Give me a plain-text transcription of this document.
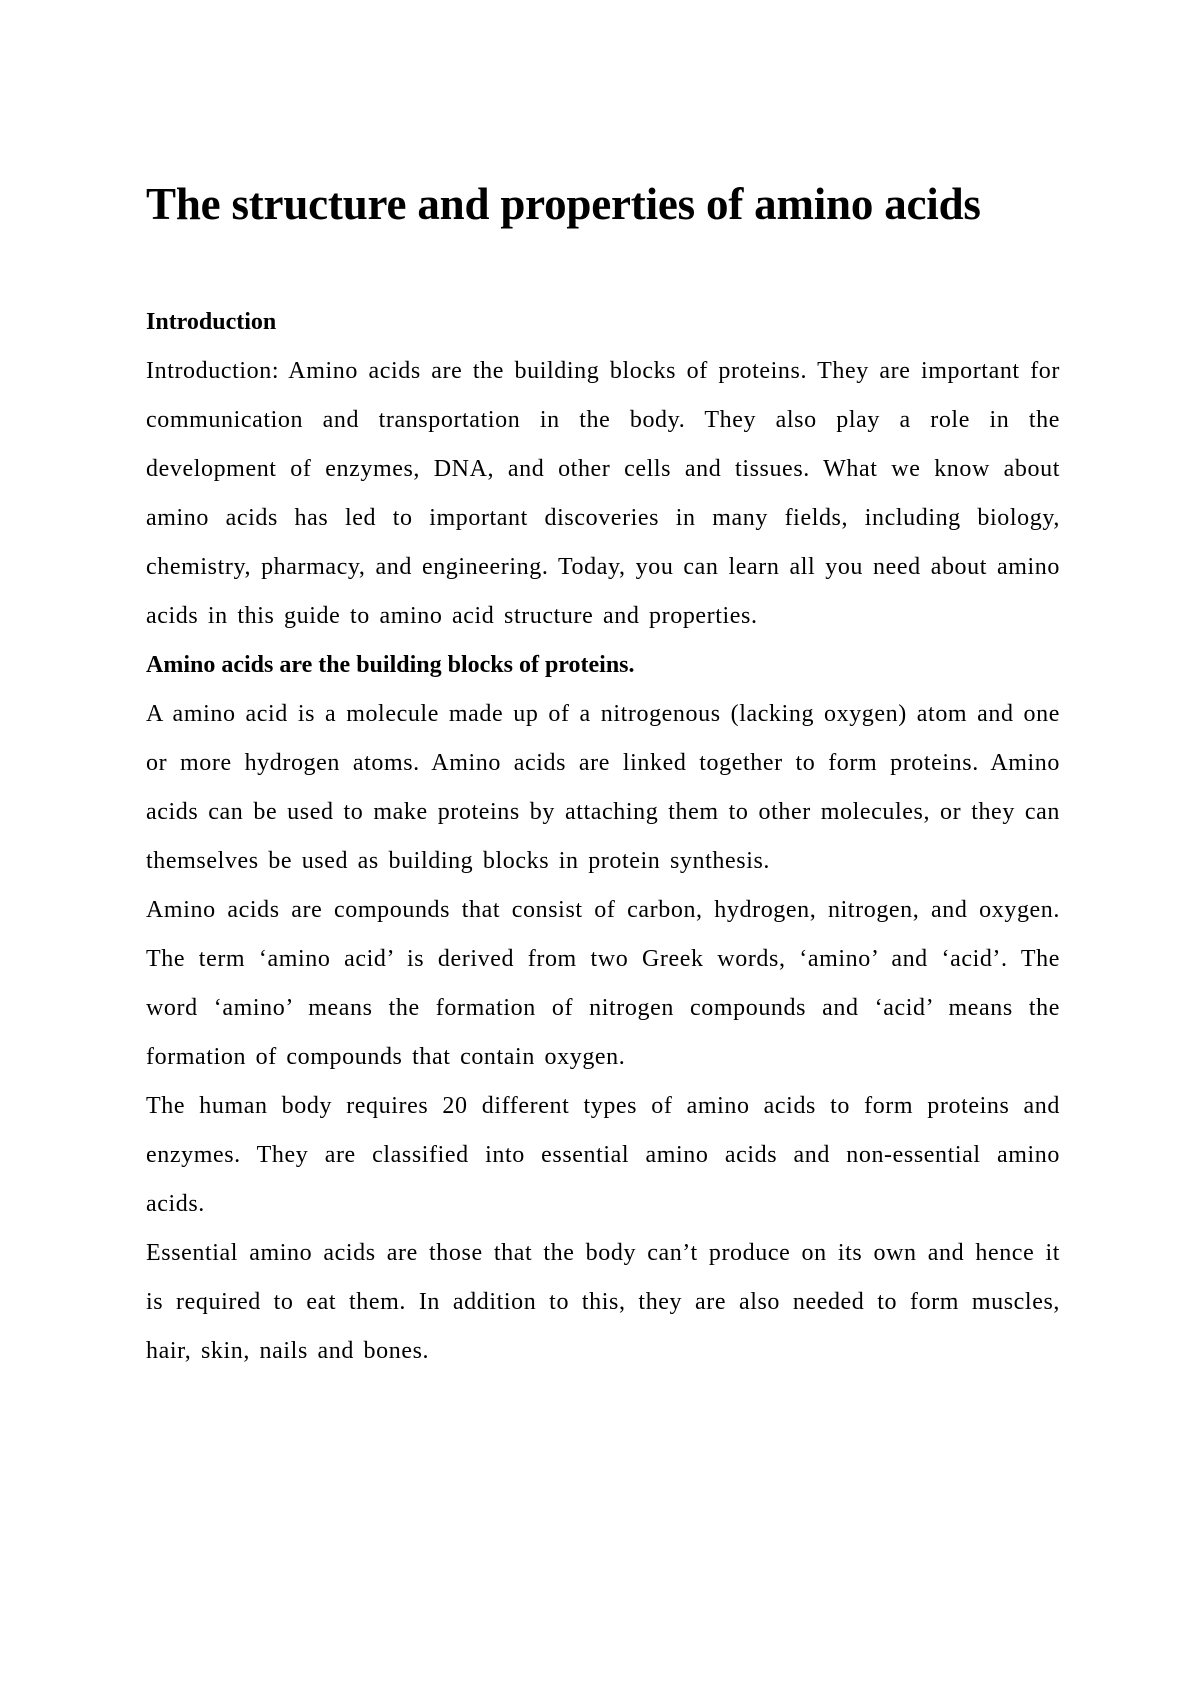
The structure and properties of amino acids

Introduction

Introduction: Amino acids are the building blocks of proteins. They are important for communication and transportation in the body. They also play a role in the development of enzymes, DNA, and other cells and tissues. What we know about amino acids has led to important discoveries in many fields, including biology, chemistry, pharmacy, and engineering. Today, you can learn all you need about amino acids in this guide to amino acid structure and properties.

Amino acids are the building blocks of proteins.

A amino acid is a molecule made up of a nitrogenous (lacking oxygen) atom and one or more hydrogen atoms. Amino acids are linked together to form proteins. Amino acids can be used to make proteins by attaching them to other molecules, or they can themselves be used as building blocks in protein synthesis.

Amino acids are compounds that consist of carbon, hydrogen, nitrogen, and oxygen. The term ‘amino acid’ is derived from two Greek words, ‘amino’ and ‘acid’. The word ‘amino’ means the formation of nitrogen compounds and ‘acid’ means the formation of compounds that contain oxygen.

The human body requires 20 different types of amino acids to form proteins and enzymes. They are classified into essential amino acids and non-essential amino acids.

Essential amino acids are those that the body can’t produce on its own and hence it is required to eat them. In addition to this, they are also needed to form muscles, hair, skin, nails and bones.
